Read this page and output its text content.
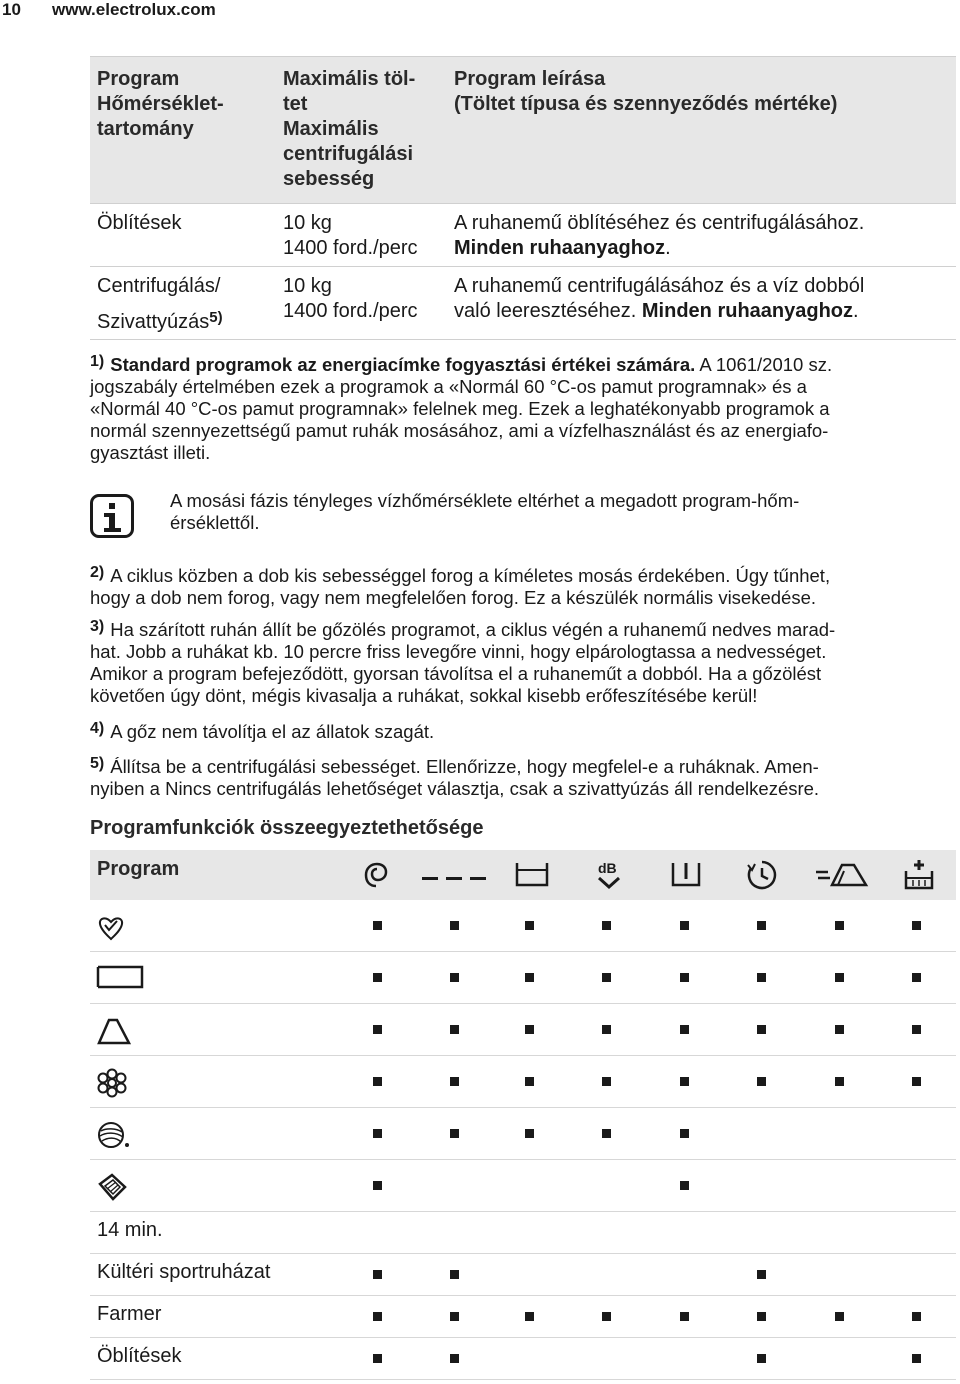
10 www.electrolux.com
Program
Hőmérséklet-
tartomány
Maximális töl-
tet
Maximális
centrifugálási
sebesség
Program leírása
(Töltet típusa és szennyeződés mértéke)
Öblítések	10 kg
1400 ford./perc
A ruhanemű öblítéséhez és centrifugálásához.
Minden ruhaanyaghoz.
Centrifugálás/
Szivattyúzás$^{5)}$
10 kg
1400 ford./perc
A ruhanemű centrifugálásához és a víz dobból
való leeresztéséhez. Minden ruhaanyaghoz.

1) Standard programok az energiacímke fogyasztási értékei számára. A 1061/2010 sz.

jogszabály értelmében ezek a programok a «Normál 60 °C-os pamut programnak» és a

«Normál 40 °C-os pamut programnak» felelnek meg. Ezek a leghatékonyabb programok a

normál szennyezettségű pamut ruhák mosásához, ami a vízfelhasználást és az energiafo-

gyasztást illeti.

A mosási fázis tényleges vízhőmérséklete eltérhet a megadott program-hőm-
érséklettől.

2) A ciklus közben a dob kis sebességgel forog a kíméletes mosás érdekében. Úgy tűnhet,

hogy a dob nem forog, vagy nem megfelelően forog. Ez a készülék normális visekedése.

3) Ha szárított ruhán állít be gőzölés programot, a ciklus végén a ruhanemű nedves marad-

hat. Jobb a ruhákat kb. 10 percre friss levegőre vinni, hogy elpárologtassa a nedvességet.

Amikor a program befejeződött, gyorsan távolítsa el a ruhaneműt a dobból. Ha a gőzölést

követően úgy dönt, mégis kivasalja a ruhákat, sokkal kisebb erőfeszítésébe kerül!

4) A gőz nem távolítja el az állatok szagát.

5) Állítsa be a centrifugálási sebességet. Ellenőrizze, hogy megfelel-e a ruháknak. Amen-

nyiben a Nincs centrifugálás lehetőséget választja, csak a szivattyúzás áll rendelkezésre.

Programfunkciók összeegyeztethetősége
Program	dB
14 min.
Kültéri sportruházat
Farmer
Öblítések
